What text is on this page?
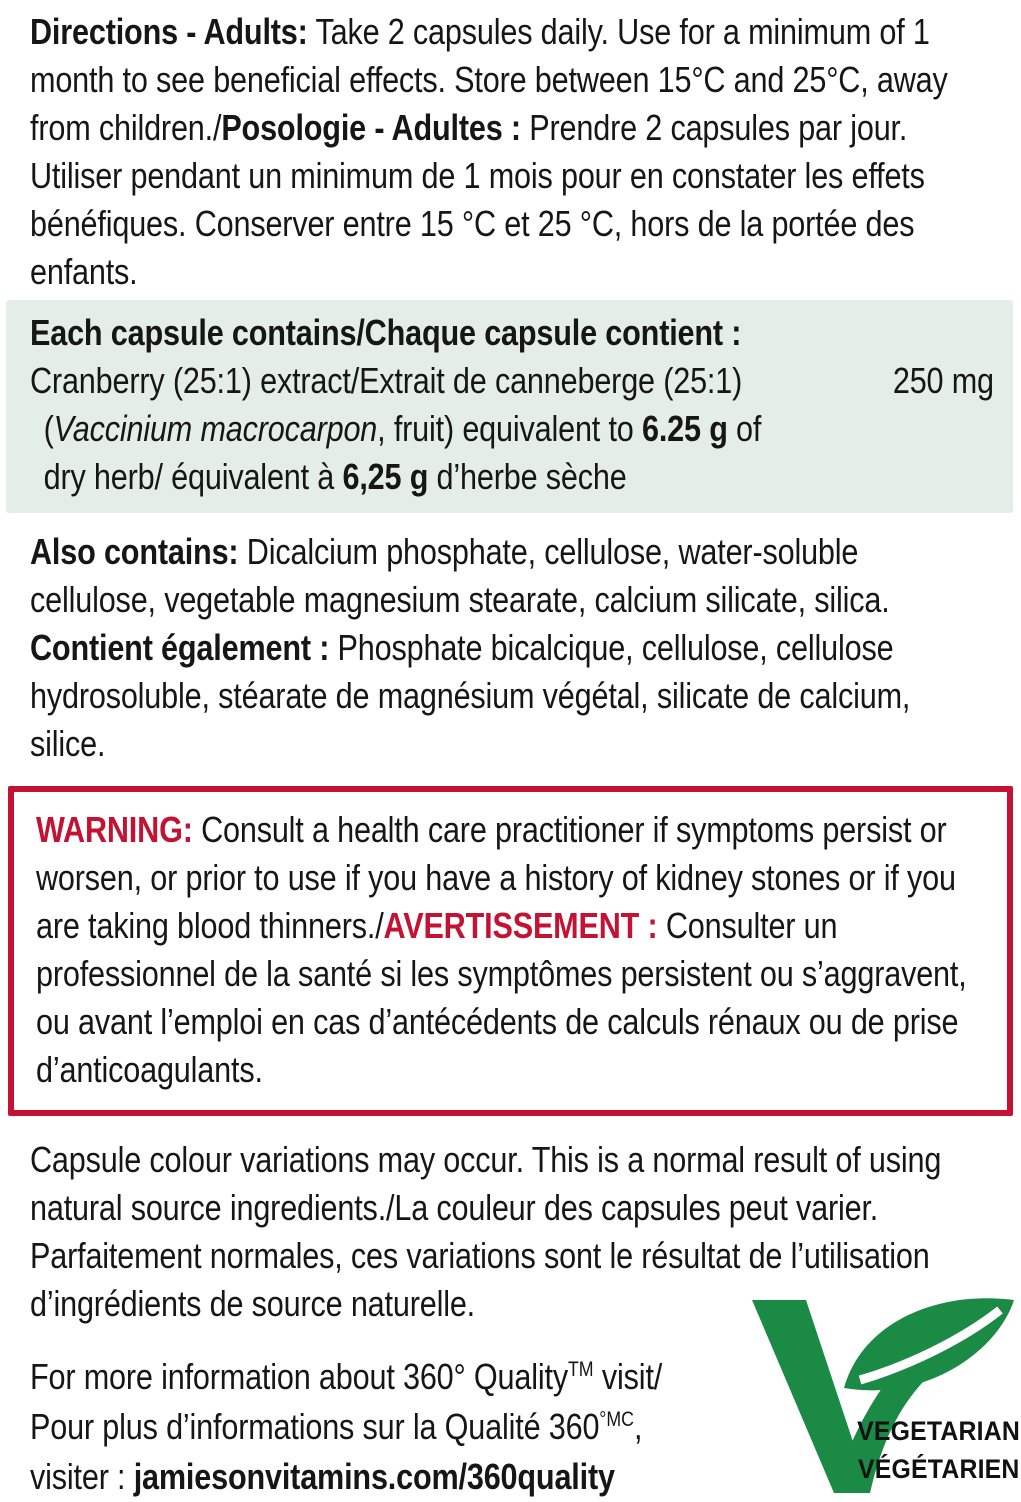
Directions - Adults: Take 2 capsules daily. Use for a minimum of 1 month to see beneficial effects. Store between 15°C and 25°C, away from children./Posologie - Adultes : Prendre 2 capsules par jour. Utiliser pendant un minimum de 1 mois pour en constater les effets bénéfiques. Conserver entre 15 °C et 25 °C, hors de la portée des enfants.

Each capsule contains/Chaque capsule contient :
Cranberry (25:1) extract/Extrait de canneberge (25:1)	250 mg
(Vaccinium macrocarpon, fruit) equivalent to 6.25 g of
dry herb/ équivalent à 6,25 g d’herbe sèche

Also contains: Dicalcium phosphate, cellulose, water-soluble cellulose, vegetable magnesium stearate, calcium silicate, silica. Contient également : Phosphate bicalcique, cellulose, cellulose hydrosoluble, stéarate de magnésium végétal, silicate de calcium, silice.

WARNING: Consult a health care practitioner if symptoms persist or worsen, or prior to use if you have a history of kidney stones or if you are taking blood thinners./AVERTISSEMENT : Consulter un professionnel de la santé si les symptômes persistent ou s’aggravent, ou avant l’emploi en cas d’antécédents de calculs rénaux ou de prise d’anticoagulants.

Capsule colour variations may occur. This is a normal result of using natural source ingredients./La couleur des capsules peut varier. Parfaitement normales, ces variations sont le résultat de l’utilisation d’ingrédients de source naturelle.

For more information about 360° Quality™ visit/
Pour plus d’informations sur la Qualité $360^{^\circ MC}$,
visiter : jamiesonvitamins.com/360quality
VEGETARIAN
VÉGÉTARIEN
